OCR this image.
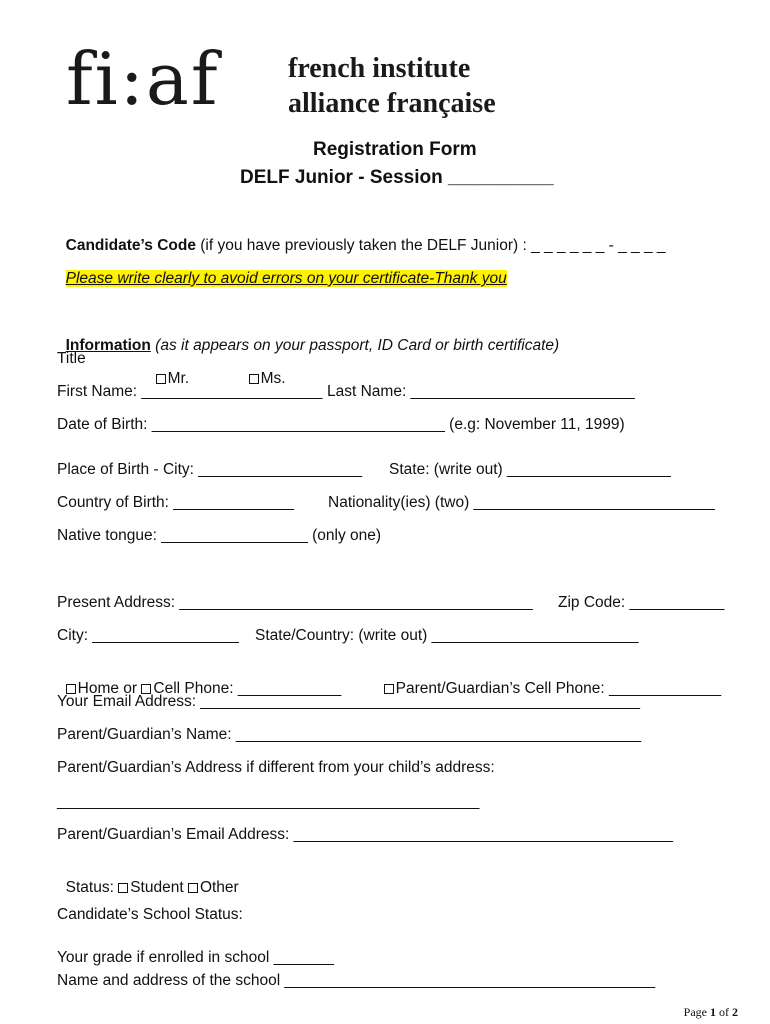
fi:af french institute
alliance française
Registration Form
DELF Junior - Session __________

Candidate’s Code (if you have previously taken the DELF Junior) : _ _ _ _ _ _ - _ _ _ _

Please write clearly to avoid errors on your certificate-Thank you

Information (as it appears on your passport, ID Card or birth certificate)

Title

Mr.	Ms.

First Name: _____________________ Last Name: __________________________
Date of Birth: __________________________________ (e.g: November 11, 1999)
Place of Birth - City: ___________________ State: (write out) ___________________
Country of Birth: ______________ Nationality(ies) (two) ____________________________
Native tongue: _________________ (only one)
Present Address: _________________________________________ Zip Code: ___________
City: _________________ State/Country: (write out) ________________________

Home or Cell Phone: ____________	Parent/Guardian’s Cell Phone: _____________

Your Email Address: ___________________________________________________
Parent/Guardian’s Name: _______________________________________________
Parent/Guardian’s Address if different from your child’s address:
_________________________________________________
Parent/Guardian’s Email Address: ____________________________________________

Status: Student Other

Candidate’s School Status:
Your grade if enrolled in school _______
Name and address of the school ___________________________________________

Page 1 of 2
